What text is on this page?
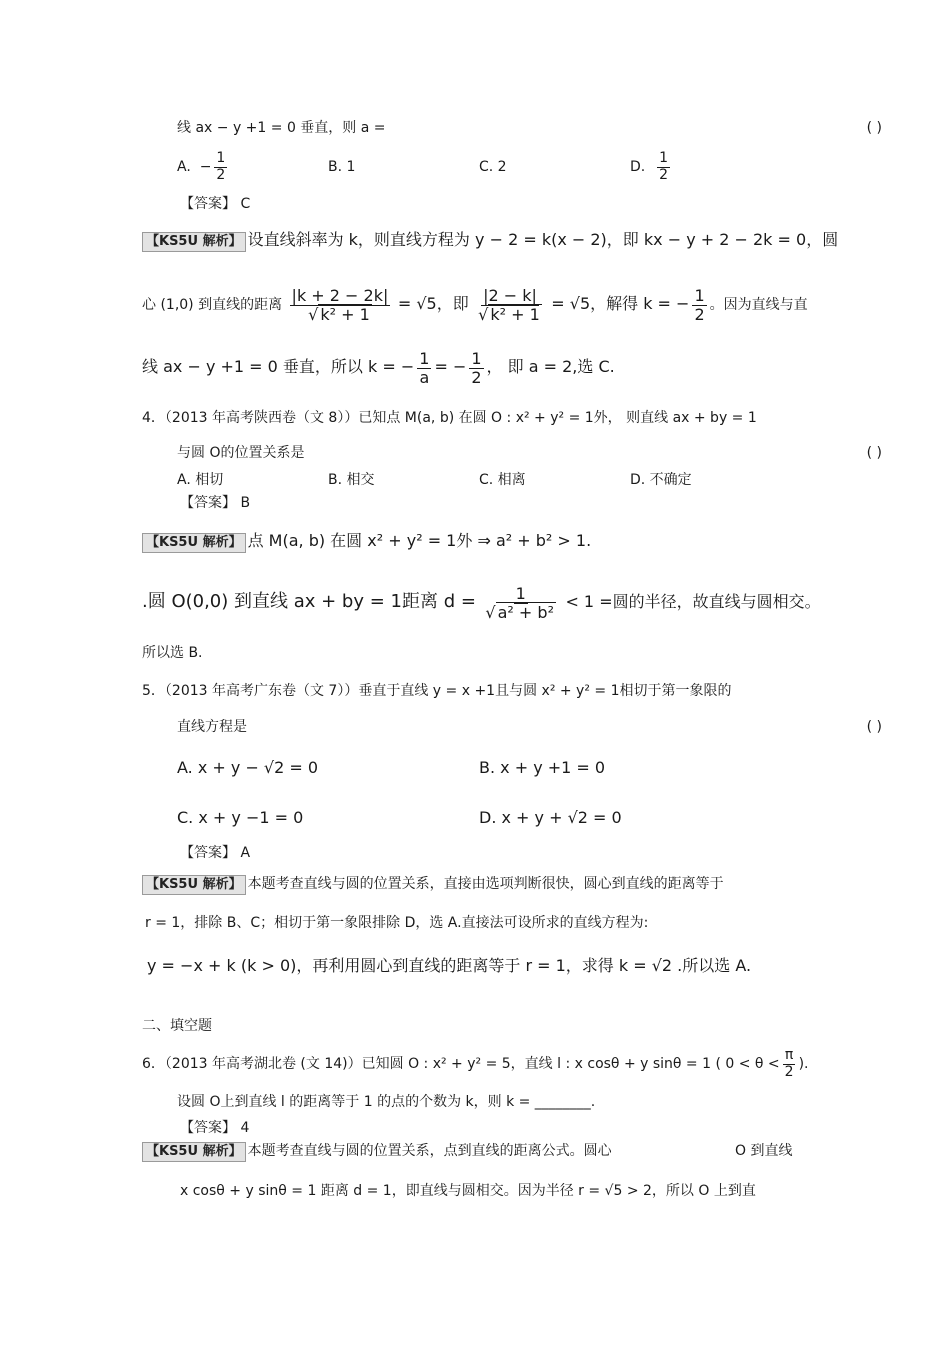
线 ax − y +1 = 0 垂直，则 a =	( )
A. − $\frac{1}{2}$	B. 1	C. 2	D. $\frac{1}{2}$
【答案】 C
【KS5U 解析】 设直线斜率为 k，则直线方程为 y − 2 = k(x − 2)，即 kx − y + 2 − 2k = 0，圆
心 (1,0) 到直线的距离 $\frac{|k + 2 - 2k|}{\text{√ k² + 1}} = √5$，即 $\frac{|2 - k|}{\text{√ k² + 1}} = √5$，解得 k = − $\frac{1}{2}$ 。因为直线与直
线 ax − y +1 = 0 垂直，所以 k = − $\frac{1}{a}$ = − $\frac{1}{2}$ ， 即 a = 2,选 C.
4．（2013 年高考陕西卷（文 8））已知点 M(a, b) 在圆 O : x² + y² = 1外， 则直线 ax + by = 1
与圆 O的位置关系是	( )
A. 相切	B. 相交	C. 相离	D. 不确定
【答案】 B
【KS5U 解析】 点 M(a, b) 在圆 x² + y² = 1外 ⇒ a² + b² > 1.
.圆 O(0,0) 到直线 ax + by = 1距离 $d = \frac{1}{\text{√ a² + b²}} < 1$ =圆的半径，故直线与圆相交。
所以选 B.
5．（2013 年高考广东卷（文 7））垂直于直线 y = x +1且与圆 x² + y² = 1相切于第一象限的
直线方程是	( )
A. x + y − √2 = 0	B. x + y +1 = 0
C. x + y −1 = 0	D. x + y + √2 = 0
【答案】 A
【KS5U 解析】 本题考查直线与圆的位置关系，直接由选项判断很快，圆心到直线的距离等于
r = 1，排除 B、C；相切于第一象限排除 D，选 A.直接法可设所求的直线方程为:
y = −x + k (k > 0)，再利用圆心到直线的距离等于 r = 1，求得 k = √2 .所以选 A.
二、填空题
6．（2013 年高考湖北卷 (文 14)）已知圆 O : x² + y² = 5，直线 l : x cosθ + y sinθ = 1 ( $0 < \theta < \frac{\pi}{2}$ ).
设圆 O上到直线 l 的距离等于 1 的点的个数为 k，则 k = ________.
【答案】 4
【KS5U 解析】 本题考查直线与圆的位置关系，点到直线的距离公式。圆心	O 到直线
x cosθ + y sinθ = 1 距离 d = 1，即直线与圆相交。因为半径 r = √5 > 2，所以 O 上到直
